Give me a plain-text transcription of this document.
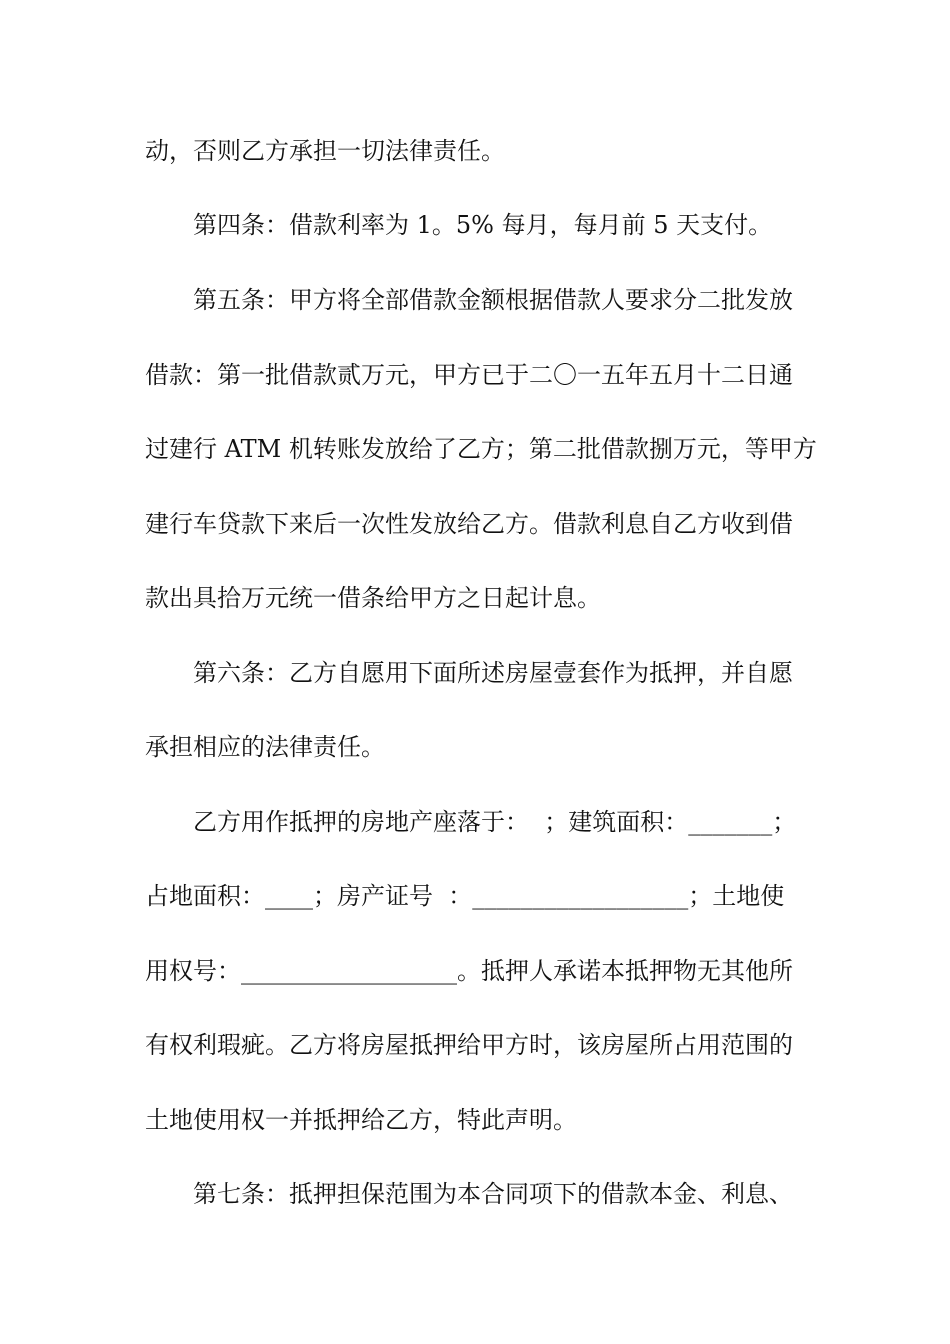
动，否则乙方承担一切法律责任。
第四条：借款利率为 1。5% 每月，每月前 5 天支付。
第五条：甲方将全部借款金额根据借款人要求分二批发放
借款：第一批借款贰万元，甲方已于二〇一五年五月十二日通
过建行 ATM 机转账发放给了乙方；第二批借款捌万元，等甲方
建行车贷款下来后一次性发放给乙方。借款利息自乙方收到借
款出具拾万元统一借条给甲方之日起计息。
第六条：乙方自愿用下面所述房屋壹套作为抵押，并自愿
承担相应的法律责任。
乙方用作抵押的房地产座落于：  ；建筑面积：_______；
占地面积：____；房产证号  ：__________________；土地使
用权号：__________________。抵押人承诺本抵押物无其他所
有权利瑕疵。乙方将房屋抵押给甲方时，该房屋所占用范围的
土地使用权一并抵押给乙方，特此声明。
第七条：抵押担保范围为本合同项下的借款本金、利息、
